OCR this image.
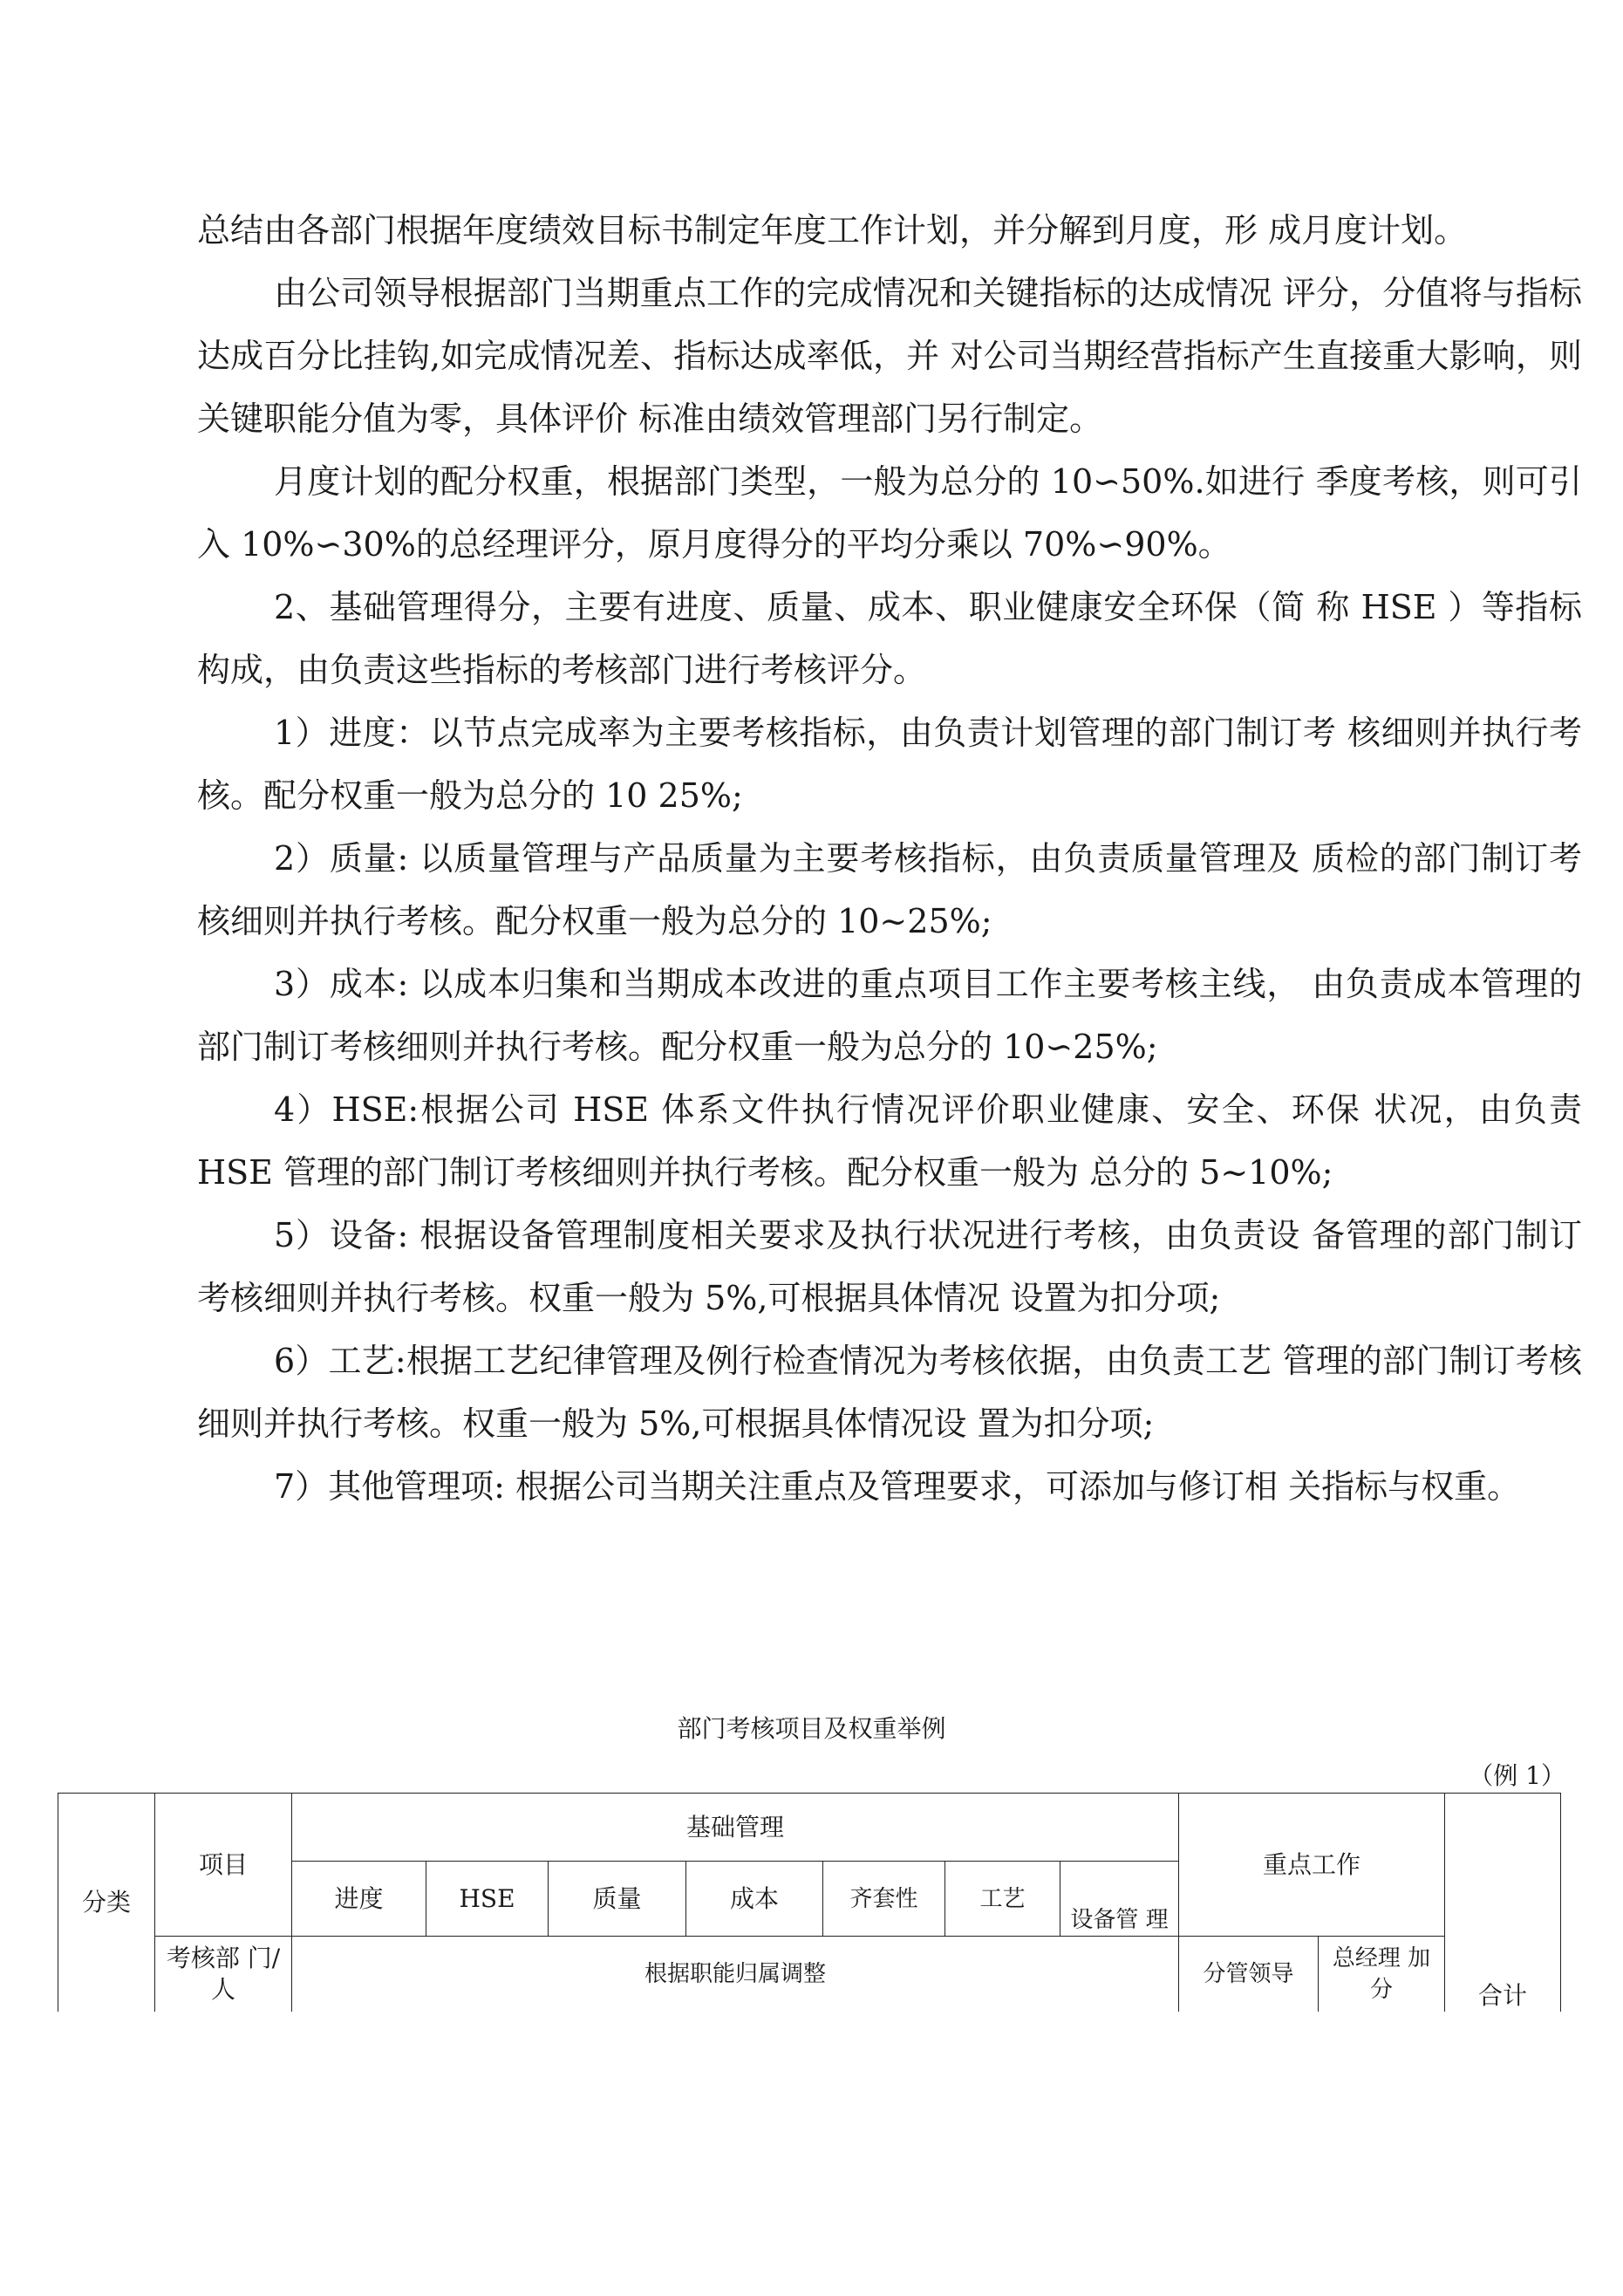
总结由各部门根据年度绩效目标书制定年度工作计划，并分解到月度，形 成月度计划。

由公司领导根据部门当期重点工作的完成情况和关键指标的达成情况 评分，分值将与指标达成百分比挂钩,如完成情况差、指标达成率低，并 对公司当期经营指标产生直接重大影响，则关键职能分值为零，具体评价 标准由绩效管理部门另行制定。

月度计划的配分权重，根据部门类型，一般为总分的 10∽50%.如进行 季度考核，则可引入 10%∽30%的总经理评分，原月度得分的平均分乘以 70%∽90%。

2、基础管理得分，主要有进度、质量、成本、职业健康安全环保（简 称 HSE ）等指标构成，由负责这些指标的考核部门进行考核评分。

1）进度：以节点完成率为主要考核指标，由负责计划管理的部门制订考 核细则并执行考核。配分权重一般为总分的 10 25%;

2）质量: 以质量管理与产品质量为主要考核指标，由负责质量管理及 质检的部门制订考核细则并执行考核。配分权重一般为总分的 10~25%;

3）成本: 以成本归集和当期成本改进的重点项目工作主要考核主线， 由负责成本管理的部门制订考核细则并执行考核。配分权重一般为总分的 10∽25%;

4）HSE:根据公司 HSE 体系文件执行情况评价职业健康、安全、环保 状况，由负责 HSE 管理的部门制订考核细则并执行考核。配分权重一般为 总分的 5~10%;

5）设备: 根据设备管理制度相关要求及执行状况进行考核，由负责设 备管理的部门制订考核细则并执行考核。权重一般为 5%,可根据具体情况 设置为扣分项;

6）工艺:根据工艺纪律管理及例行检查情况为考核依据，由负责工艺 管理的部门制订考核细则并执行考核。权重一般为 5%,可根据具体情况设 置为扣分项;

7）其他管理项: 根据公司当期关注重点及管理要求，可添加与修订相 关指标与权重。

部门考核项目及权重举例
（例 1）
分类	项目	基础管理							重点工作		合计
		进度	HSE	质量	成本	齐套性	工艺	设备管 理			
	考核部 门/人	根据职能归属调整							分管领导	总经理 加分	
